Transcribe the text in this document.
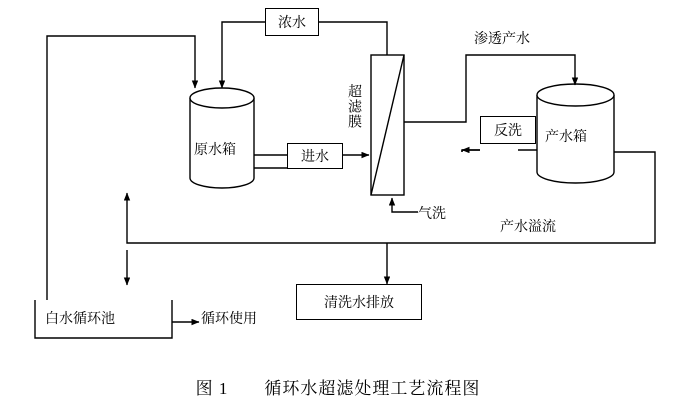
浓水
渗透产水
原水箱	进水
超滤膜
反洗 产水箱
气洗
产水溢流
白水循环池	循环使用
清洗水排放
图 1　　循环水超滤处理工艺流程图
